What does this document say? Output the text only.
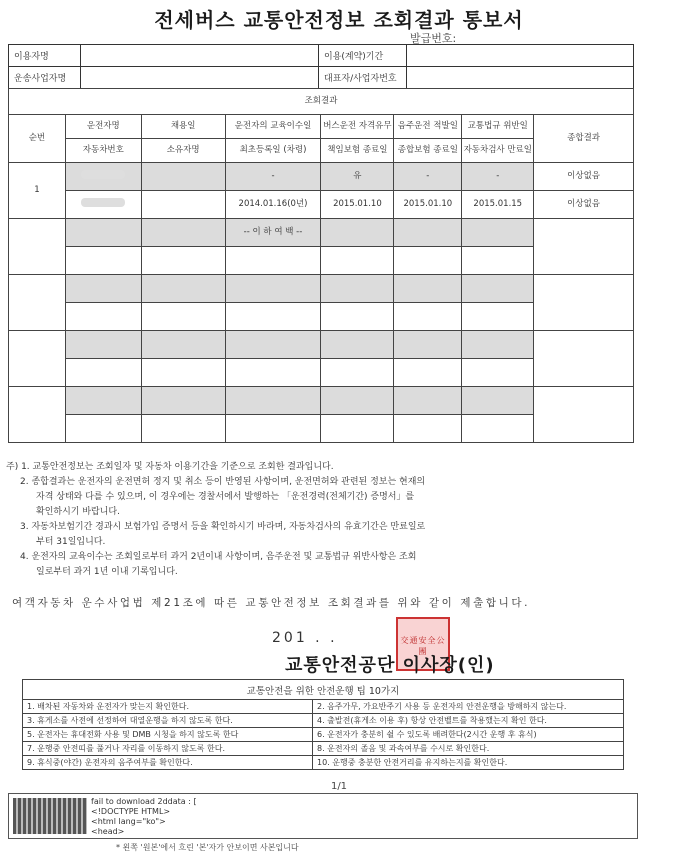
전세버스 교통안전정보 조회결과 통보서
발급번호:
이용자명		이용(계약)기간	
운송사업자명		대표자/사업자번호	
조회결과							
순번	운전자명	채용일	운전자의 교육이수일	버스운전 자격유무	음주운전 적발일	교통법규 위반일	종합결과
	자동차번호	소유자명	최초등록일 (차령)	책임보험 종료일	종합보험 종료일	자동차검사 만료일	
1			-	유	-	-	이상없음
			2014.01.16(0년)	2015.01.10	2015.01.10	2015.01.15	이상없음
			-- 이 하 여 백 --				

주) 1. 교통안전정보는 조회일자 및 자동차 이용기간을 기준으로 조회한 결과입니다.

2. 종합결과는 운전자의 운전면허 정지 및 취소 등이 반영된 사항이며, 운전면허와 관련된 정보는 현재의

자격 상태와 다를 수 있으며, 이 경우에는 경찰서에서 발행하는 「운전경력(전체기간) 증명서」를

확인하시기 바랍니다.

3. 자동차보험기간 경과시 보험가입 증명서 등을 확인하시기 바라며, 자동차검사의 유효기간은 만료일로

부터 31일입니다.

4. 운전자의 교육이수는 조회일로부터 과거 2년이내 사항이며, 음주운전 및 교통법규 위반사항은 조회

일로부터 과거 1년 이내 기록입니다.

여객자동차 운수사업법 제21조에 따른 교통안전정보 조회결과를 위와 같이 제출합니다.
201 . .	交通安全公團
교통안전공단 이사장(인)
교통안전을 위한 안전운행 팁 10가지	
1. 배차된 자동차와 운전자가 맞는지 확인한다.	2. 음주가무, 가요반주기 사용 등 운전자의 안전운행을 방해하지 않는다.
3. 휴게소를 사전에 선정하여 대열운행을 하지 않도록 한다.	4. 출발전(휴게소 이용 후) 항상 안전벨트를 착용했는지 확인 한다.
5. 운전자는 휴대전화 사용 및 DMB 시청을 하지 않도록 한다	6. 운전자가 충분히 쉴 수 있도록 배려한다(2시간 운행 후 휴식)
7. 운행중 안전띠를 풀거나 자리를 이동하지 않도록 한다.	8. 운전자의 졸음 및 과속여부를 수시로 확인한다.
9. 휴식중(야간) 운전자의 음주여부를 확인한다.	10. 운행중 충분한 안전거리를 유지하는지를 확인한다.
1/1

fail to download 2ddata : [

<!DOCTYPE HTML>

<html lang="ko">

<head>

* 왼쪽 '원본'에서 흐린 '본'자가 안보이면 사본입니다
